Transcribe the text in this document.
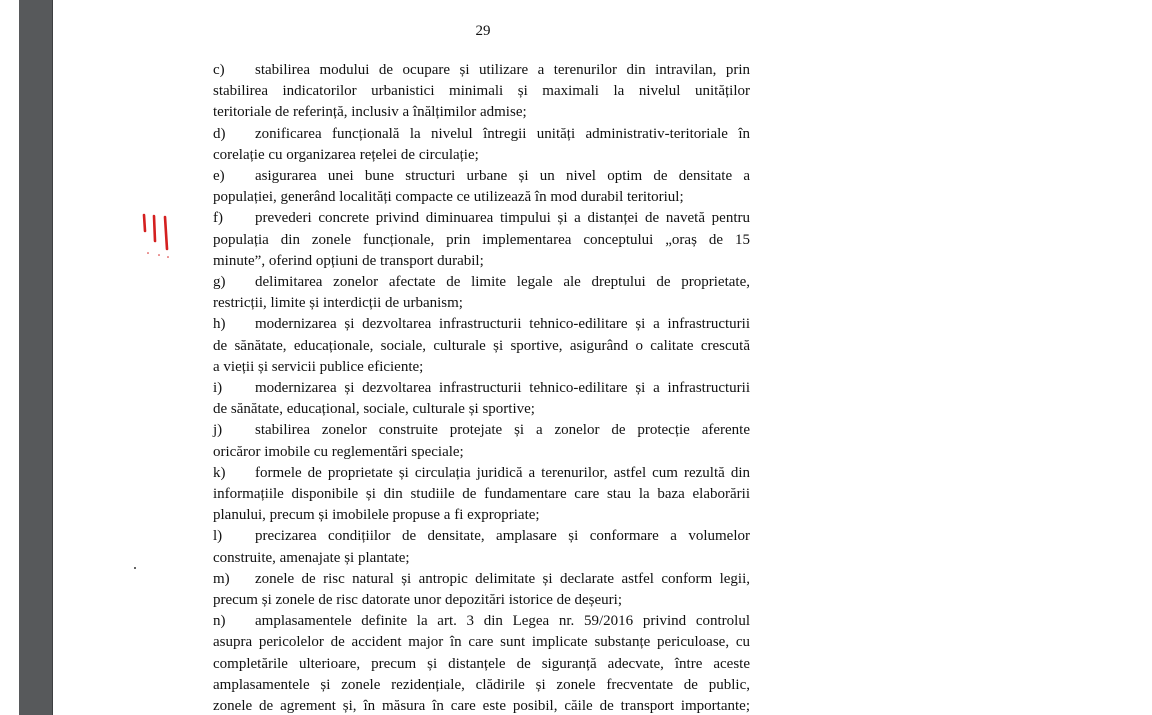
29
c) stabilirea modului de ocupare și utilizare a terenurilor din intravilan, prin
stabilirea indicatorilor urbanistici minimali și maximali la nivelul unităților
teritoriale de referință, inclusiv a înălțimilor admise;
d) zonificarea funcțională la nivelul întregii unități administrativ-teritoriale în
corelație cu organizarea rețelei de circulație;
e) asigurarea unei bune structuri urbane și un nivel optim de densitate a
populației, generând localități compacte ce utilizează în mod durabil teritoriul;
f) prevederi concrete privind diminuarea timpului și a distanței de navetă pentru
populația din zonele funcționale, prin implementarea conceptului „oraș de 15
minute”, oferind opțiuni de transport durabil;
g) delimitarea zonelor afectate de limite legale ale dreptului de proprietate,
restricții, limite și interdicții de urbanism;
h) modernizarea și dezvoltarea infrastructurii tehnico-edilitare și a infrastructurii
de sănătate, educaționale, sociale, culturale și sportive, asigurând o calitate crescută
a vieții și servicii publice eficiente;
i) modernizarea și dezvoltarea infrastructurii tehnico-edilitare și a infrastructurii
de sănătate, educațional, sociale, culturale și sportive;
j) stabilirea zonelor construite protejate și a zonelor de protecție aferente
oricăror imobile cu reglementări speciale;
k) formele de proprietate și circulația juridică a terenurilor, astfel cum rezultă din
informațiile disponibile și din studiile de fundamentare care stau la baza elaborării
planului, precum și imobilele propuse a fi expropriate;
l) precizarea condițiilor de densitate, amplasare și conformare a volumelor
construite, amenajate și plantate;
m) zonele de risc natural și antropic delimitate și declarate astfel conform legii,
precum și zonele de risc datorate unor depozitări istorice de deșeuri;
n) amplasamentele definite la art. 3 din Legea nr. 59/2016 privind controlul
asupra pericolelor de accident major în care sunt implicate substanțe periculoase, cu
completările ulterioare, precum și distanțele de siguranță adecvate, între aceste
amplasamentele și zonele rezidențiale, clădirile și zonele frecventate de public,
zonele de agrement și, în măsura în care este posibil, căile de transport importante;
